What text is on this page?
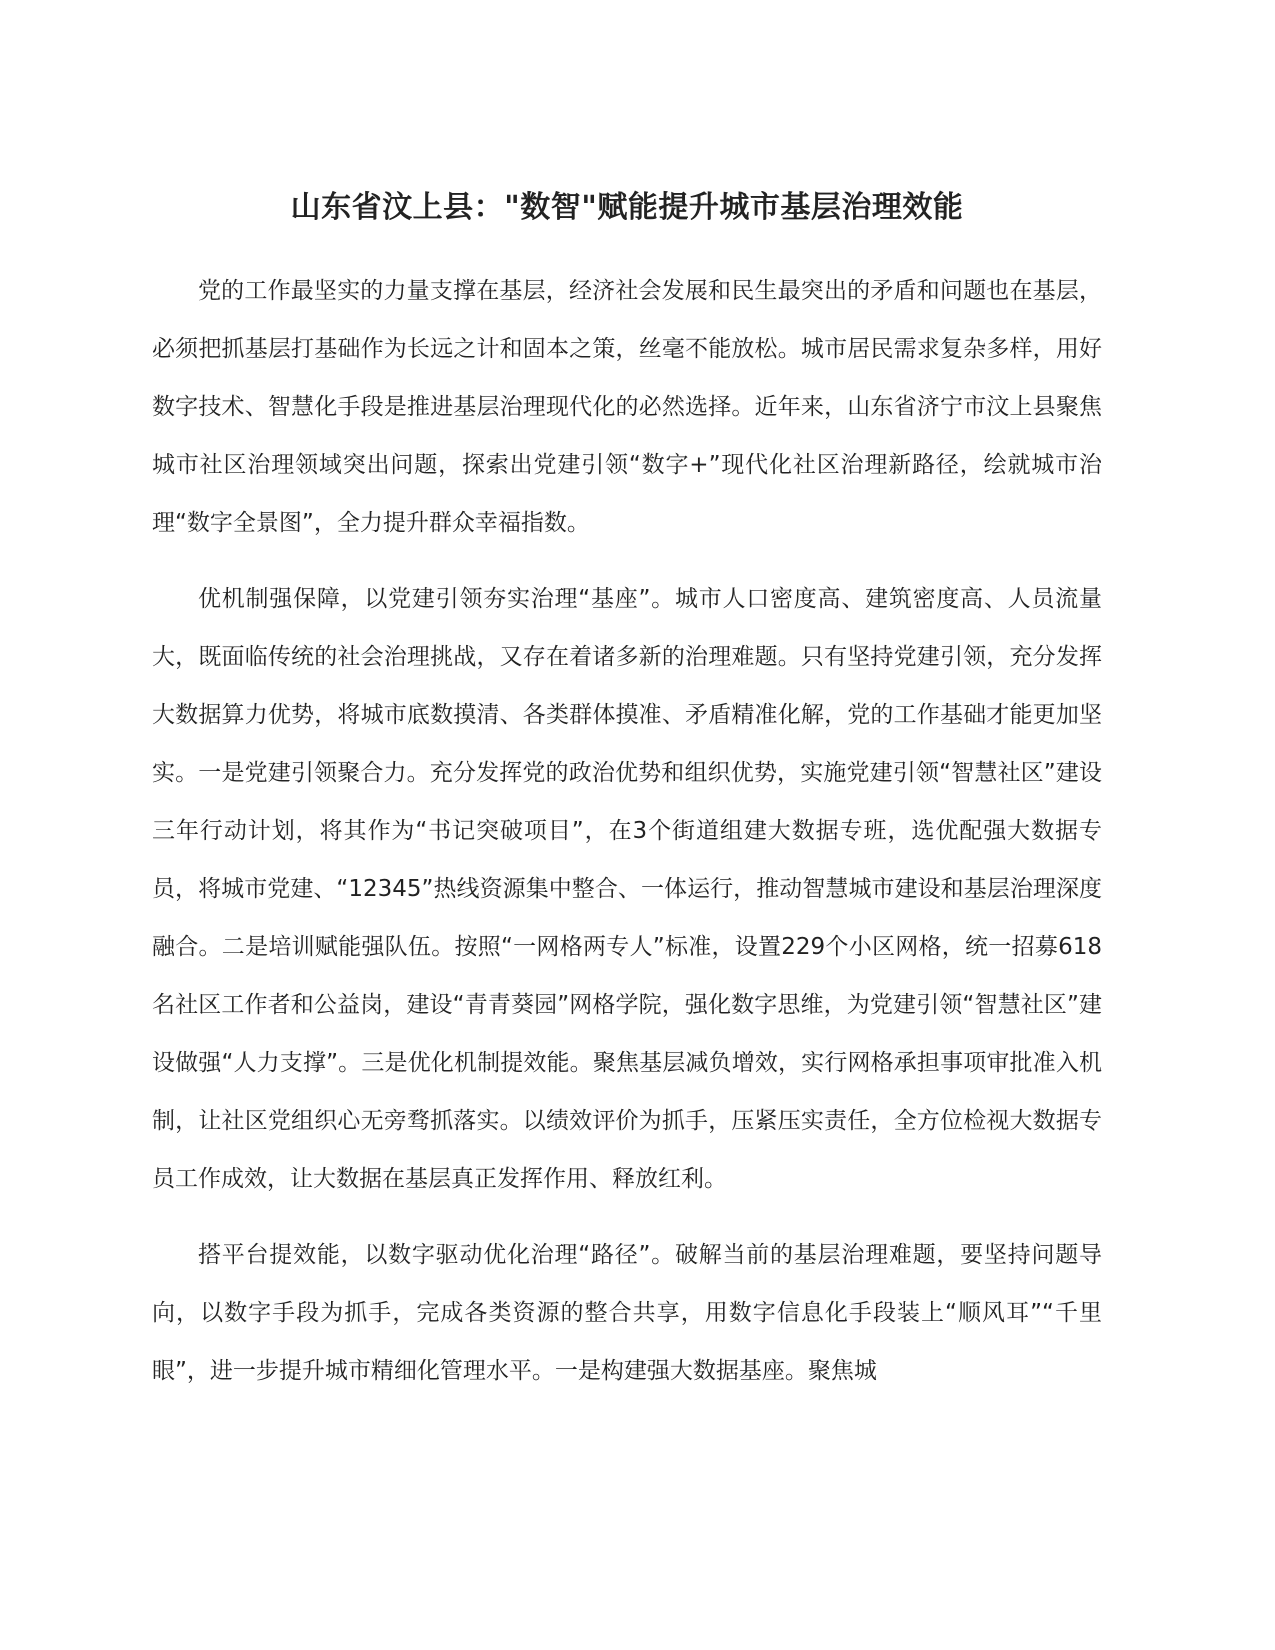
山东省汶上县："数智"赋能提升城市基层治理效能

党的工作最坚实的力量支撑在基层，经济社会发展和民生最突出的矛盾和问题也在基层，必须把抓基层打基础作为长远之计和固本之策，丝毫不能放松。城市居民需求复杂多样，用好数字技术、智慧化手段是推进基层治理现代化的必然选择。近年来，山东省济宁市汶上县聚焦城市社区治理领域突出问题，探索出党建引领“数字+”现代化社区治理新路径，绘就城市治理“数字全景图”，全力提升群众幸福指数。

优机制强保障，以党建引领夯实治理“基座”。城市人口密度高、建筑密度高、人员流量大，既面临传统的社会治理挑战，又存在着诸多新的治理难题。只有坚持党建引领，充分发挥大数据算力优势，将城市底数摸清、各类群体摸准、矛盾精准化解，党的工作基础才能更加坚实。一是党建引领聚合力。充分发挥党的政治优势和组织优势，实施党建引领“智慧社区”建设三年行动计划，将其作为“书记突破项目”，在3个街道组建大数据专班，选优配强大数据专员，将城市党建、“12345”热线资源集中整合、一体运行，推动智慧城市建设和基层治理深度融合。二是培训赋能强队伍。按照“一网格两专人”标准，设置229个小区网格，统一招募618名社区工作者和公益岗，建设“青青葵园”网格学院，强化数字思维，为党建引领“智慧社区”建设做强“人力支撑”。三是优化机制提效能。聚焦基层减负增效，实行网格承担事项审批准入机制，让社区党组织心无旁骛抓落实。以绩效评价为抓手，压紧压实责任，全方位检视大数据专员工作成效，让大数据在基层真正发挥作用、释放红利。

搭平台提效能，以数字驱动优化治理“路径”。破解当前的基层治理难题，要坚持问题导向，以数字手段为抓手，完成各类资源的整合共享，用数字信息化手段装上“顺风耳”“千里眼”，进一步提升城市精细化管理水平。一是构建强大数据基座。聚焦城
